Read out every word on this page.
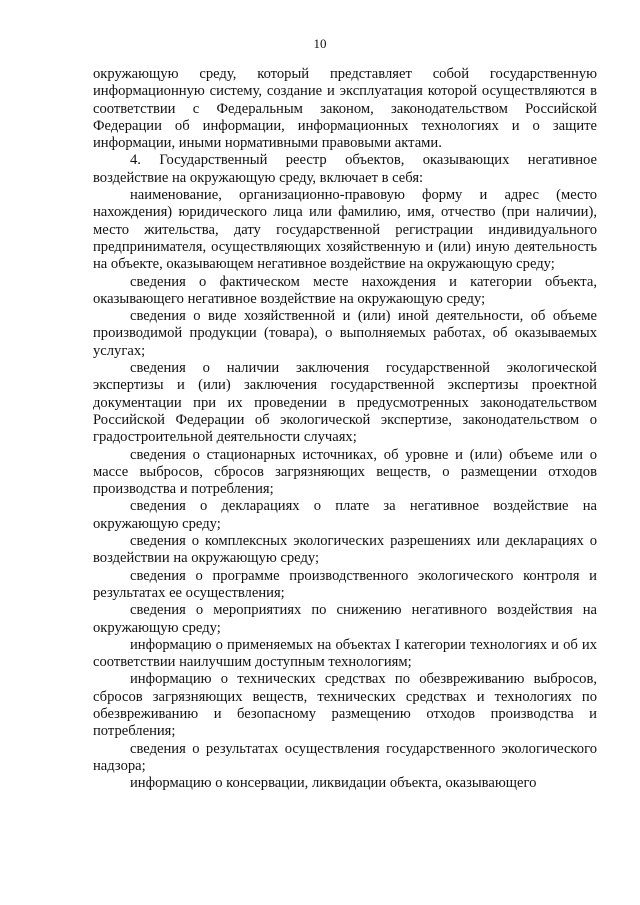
10

окружающую среду, который представляет собой государственную информационную систему, создание и эксплуатация которой осуществляются в соответствии с Федеральным законом, законодательством Российской Федерации об информации, информационных технологиях и о защите информации, иными нормативными правовыми актами.

4. Государственный реестр объектов, оказывающих негативное воздействие на окружающую среду, включает в себя:

наименование, организационно-правовую форму и адрес (место нахождения) юридического лица или фамилию, имя, отчество (при наличии), место жительства, дату государственной регистрации индивидуального предпринимателя, осуществляющих хозяйственную и (или) иную деятельность на объекте, оказывающем негативное воздействие на окружающую среду;

сведения о фактическом месте нахождения и категории объекта, оказывающего негативное воздействие на окружающую среду;

сведения о виде хозяйственной и (или) иной деятельности, об объеме производимой продукции (товара), о выполняемых работах, об оказываемых услугах;

сведения о наличии заключения государственной экологической экспертизы и (или) заключения государственной экспертизы проектной документации при их проведении в предусмотренных законодательством Российской Федерации об экологической экспертизе, законодательством о градостроительной деятельности случаях;

сведения о стационарных источниках, об уровне и (или) объеме или о массе выбросов, сбросов загрязняющих веществ, о размещении отходов производства и потребления;

сведения о декларациях о плате за негативное воздействие на окружающую среду;

сведения о комплексных экологических разрешениях или декларациях о воздействии на окружающую среду;

сведения о программе производственного экологического контроля и результатах ее осуществления;

сведения о мероприятиях по снижению негативного воздействия на окружающую среду;

информацию о применяемых на объектах I категории технологиях и об их соответствии наилучшим доступным технологиям;

информацию о технических средствах по обезвреживанию выбросов, сбросов загрязняющих веществ, технических средствах и технологиях по обезвреживанию и безопасному размещению отходов производства и потребления;

сведения о результатах осуществления государственного экологического надзора;

информацию о консервации, ликвидации объекта, оказывающего
